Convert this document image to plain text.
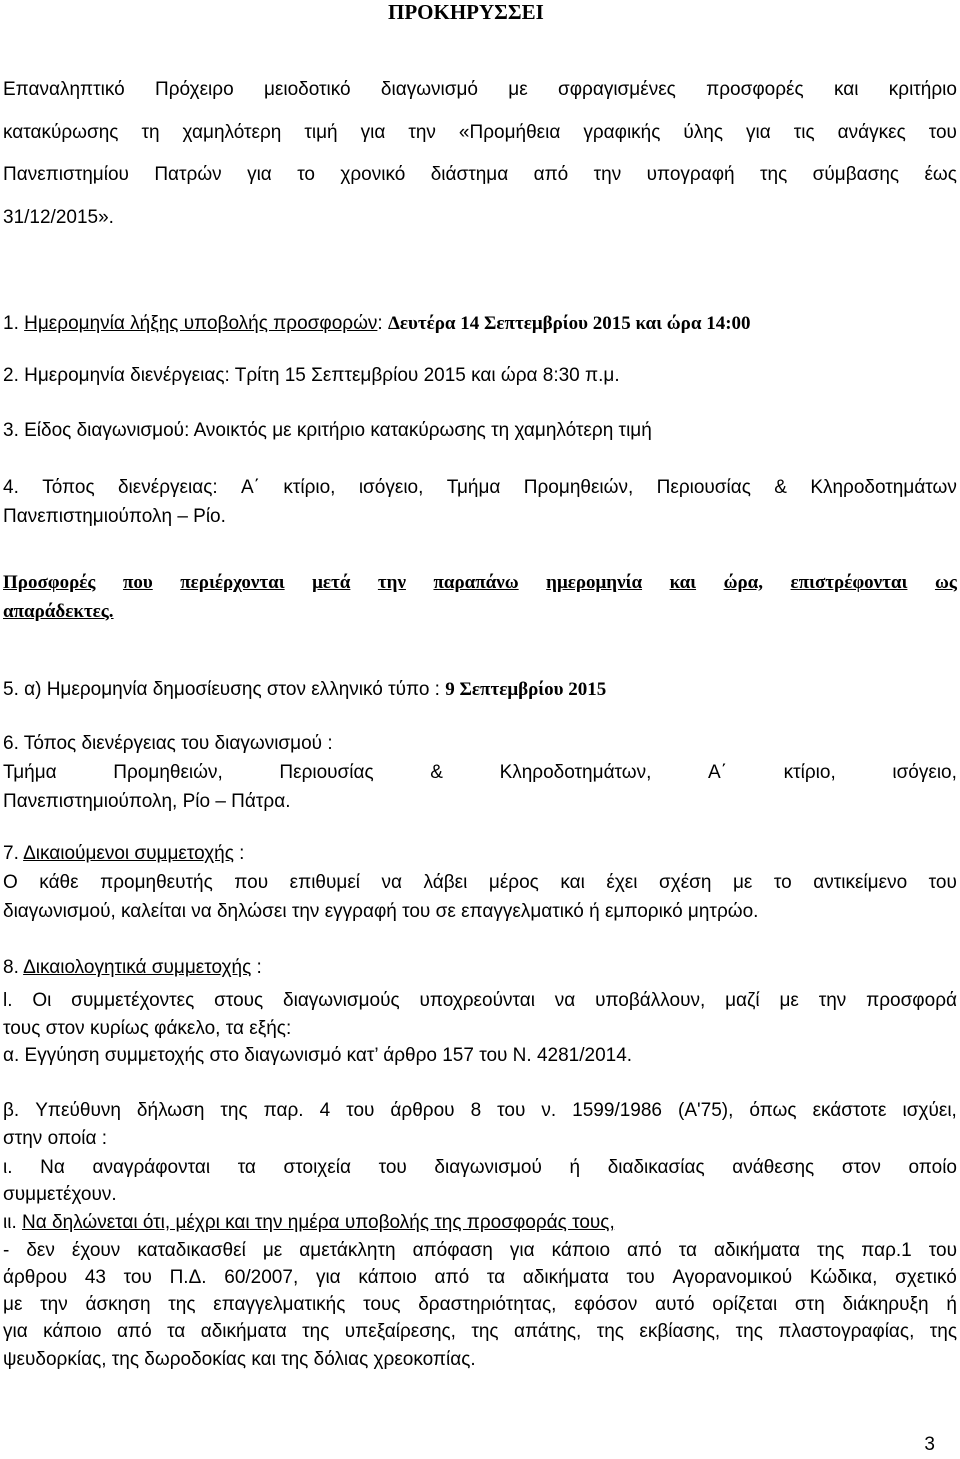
ΠΡΟΚΗΡΥΣΣΕΙ
Επαναληπτικό Πρόχειρο μειοδοτικό διαγωνισμό με σφραγισμένες προσφορές και κριτήριο
κατακύρωσης τη χαμηλότερη τιμή για την «Προμήθεια γραφικής ύλης για τις ανάγκες του
Πανεπιστημίου Πατρών για το χρονικό διάστημα από την υπογραφή της σύμβασης έως
31/12/2015».
1. Ημερομηνία λήξης υποβολής προσφορών: Δευτέρα 14 Σεπτεμβρίου 2015 και ώρα 14:00
2. Ημερομηνία διενέργειας: Τρίτη 15 Σεπτεμβρίου 2015 και ώρα 8:30 π.μ.
3. Είδος διαγωνισμού: Ανοικτός με κριτήριο κατακύρωσης τη χαμηλότερη τιμή
4. Τόπος διενέργειας: Α΄ κτίριο, ισόγειο, Τμήμα Προμηθειών, Περιουσίας & Κληροδοτημάτων
Πανεπιστημιούπολη – Ρίο.
Προσφορές που περιέρχονται μετά την παραπάνω ημερομηνία και ώρα, επιστρέφονται ως
απαράδεκτες.
5. α) Ημερομηνία δημοσίευσης στον ελληνικό τύπο : 9 Σεπτεμβρίου 2015
6. Τόπος διενέργειας του διαγωνισμού :
Τμήμα	Προμηθειών,	Περιουσίας	&	Κληροδοτημάτων,	Α΄	κτίριο,	ισόγειο,
Πανεπιστημιούπολη, Ρίο – Πάτρα.
7. Δικαιούμενοι συμμετοχής :
Ο κάθε προμηθευτής που επιθυμεί να λάβει μέρος και έχει σχέση με το αντικείμενο του
διαγωνισμού, καλείται να δηλώσει την εγγραφή του σε επαγγελματικό ή εμπορικό μητρώο.
8. Δικαιολογητικά συμμετοχής :
l. Οι συμμετέχοντες στους διαγωνισμούς υποχρεούνται να υποβάλλουν, μαζί με την προσφορά
τους στον κυρίως φάκελο, τα εξής:
α. Εγγύηση συμμετοχής στο διαγωνισμό κατ’ άρθρο 157 του Ν. 4281/2014.
β. Υπεύθυνη δήλωση της παρ. 4 του άρθρου 8 του ν. 1599/1986 (Α'75), όπως εκάστοτε ισχύει,
στην οποία :
ι. Να αναγράφονται τα στοιχεία του διαγωνισμού ή διαδικασίας ανάθεσης στον οποίο
συμμετέχουν.
ιι. Να δηλώνεται ότι, μέχρι και την ημέρα υποβολής της προσφοράς τους,
- δεν έχουν καταδικασθεί με αμετάκλητη απόφαση για κάποιο από τα αδικήματα της παρ.1 του
άρθρου 43 του Π.Δ. 60/2007, για κάποιο από τα αδικήματα του Αγορανομικού Κώδικα, σχετικό
με την άσκηση της επαγγελματικής τους δραστηριότητας, εφόσον αυτό ορίζεται στη διάκηρυξη ή
για κάποιο από τα αδικήματα της υπεξαίρεσης, της απάτης, της εκβίασης, της πλαστογραφίας, της
ψευδορκίας, της δωροδοκίας και της δόλιας χρεοκοπίας.
3
